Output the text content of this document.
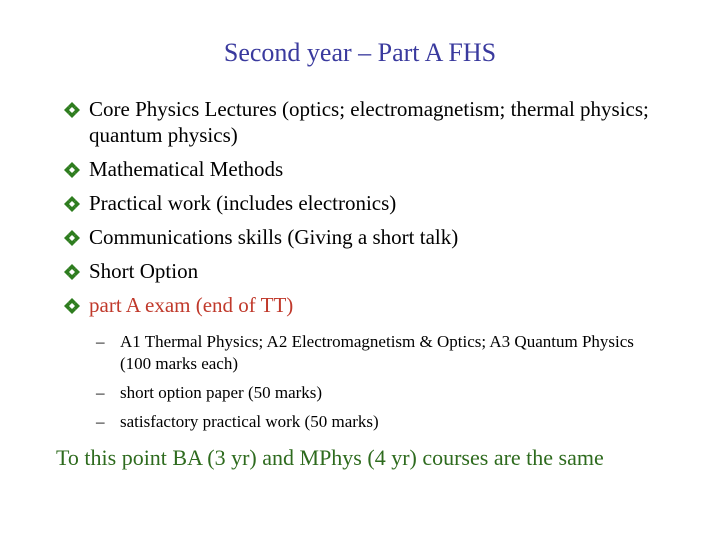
Second year – Part A FHS
Core Physics Lectures (optics; electromagnetism; thermal physics; quantum physics)
Mathematical Methods
Practical work (includes electronics)
Communications skills (Giving a short talk)
Short Option
part A exam (end of TT)
– A1 Thermal Physics; A2 Electromagnetism & Optics; A3 Quantum Physics (100 marks each)
– short option paper (50 marks)
– satisfactory practical work (50 marks)
To this point BA (3 yr) and MPhys (4 yr) courses are the same
